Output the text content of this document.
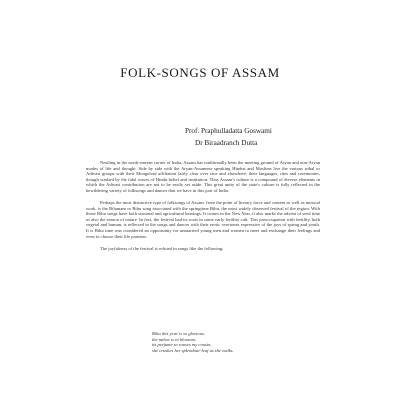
FOLK-SONGS OF ASSAM
Prof. Praphulladatta Goswami
Dr Biraadranch Dutta

Nestling in the north-eastern corner of India, Assam has traditionally been the meeting ground of Aryan and non-Aryan modes of life and thought. Side by side with the Aryan-Assamese speaking Hindus and Muslims live the various tribal or Adivasi groups with their Mongoloid affiliation fairly clear over race and elsewhere, their languages, rites and ceremonies, though washed by the tidal waves of Hindu belief and institution. Thus Assam's culture is a compound of diverse elements in which the Adivasi contribution are not to be easily set aside. This great unity of the state's culture is fully reflected in the bewildering variety of folksongs and dances that we have in this part of India.

Perhaps the most distinctive type of folksongs of Assam, from the point of literary force and content as well as musical work, is the Bihunam or Bihu song associated with the springtime Bihu, the most widely observed festival of the region. With those Bihu songs have both seasonal and agricultural bearings. It comes in the New Year, it also marks the advent of seed time as also the season of nature. In fact, the festival had its roots in some early fertility cult. This preoccupation with fertility, both vegetal and human, is reflected in the songs and dances with their erotic overtones expressive of the joys of spring and youth. It is Bihu time was considered an opportunity for unmarried young men and women to meet and exchange their feelings and even to choose their life partners.

The joyfulness of the festival is echoed in songs like the following:

Bihu this year is so glorious,
the nahor is in blossom,
its perfume so rouses my cousin,
she crushes her splendour-leaf as she walks.
